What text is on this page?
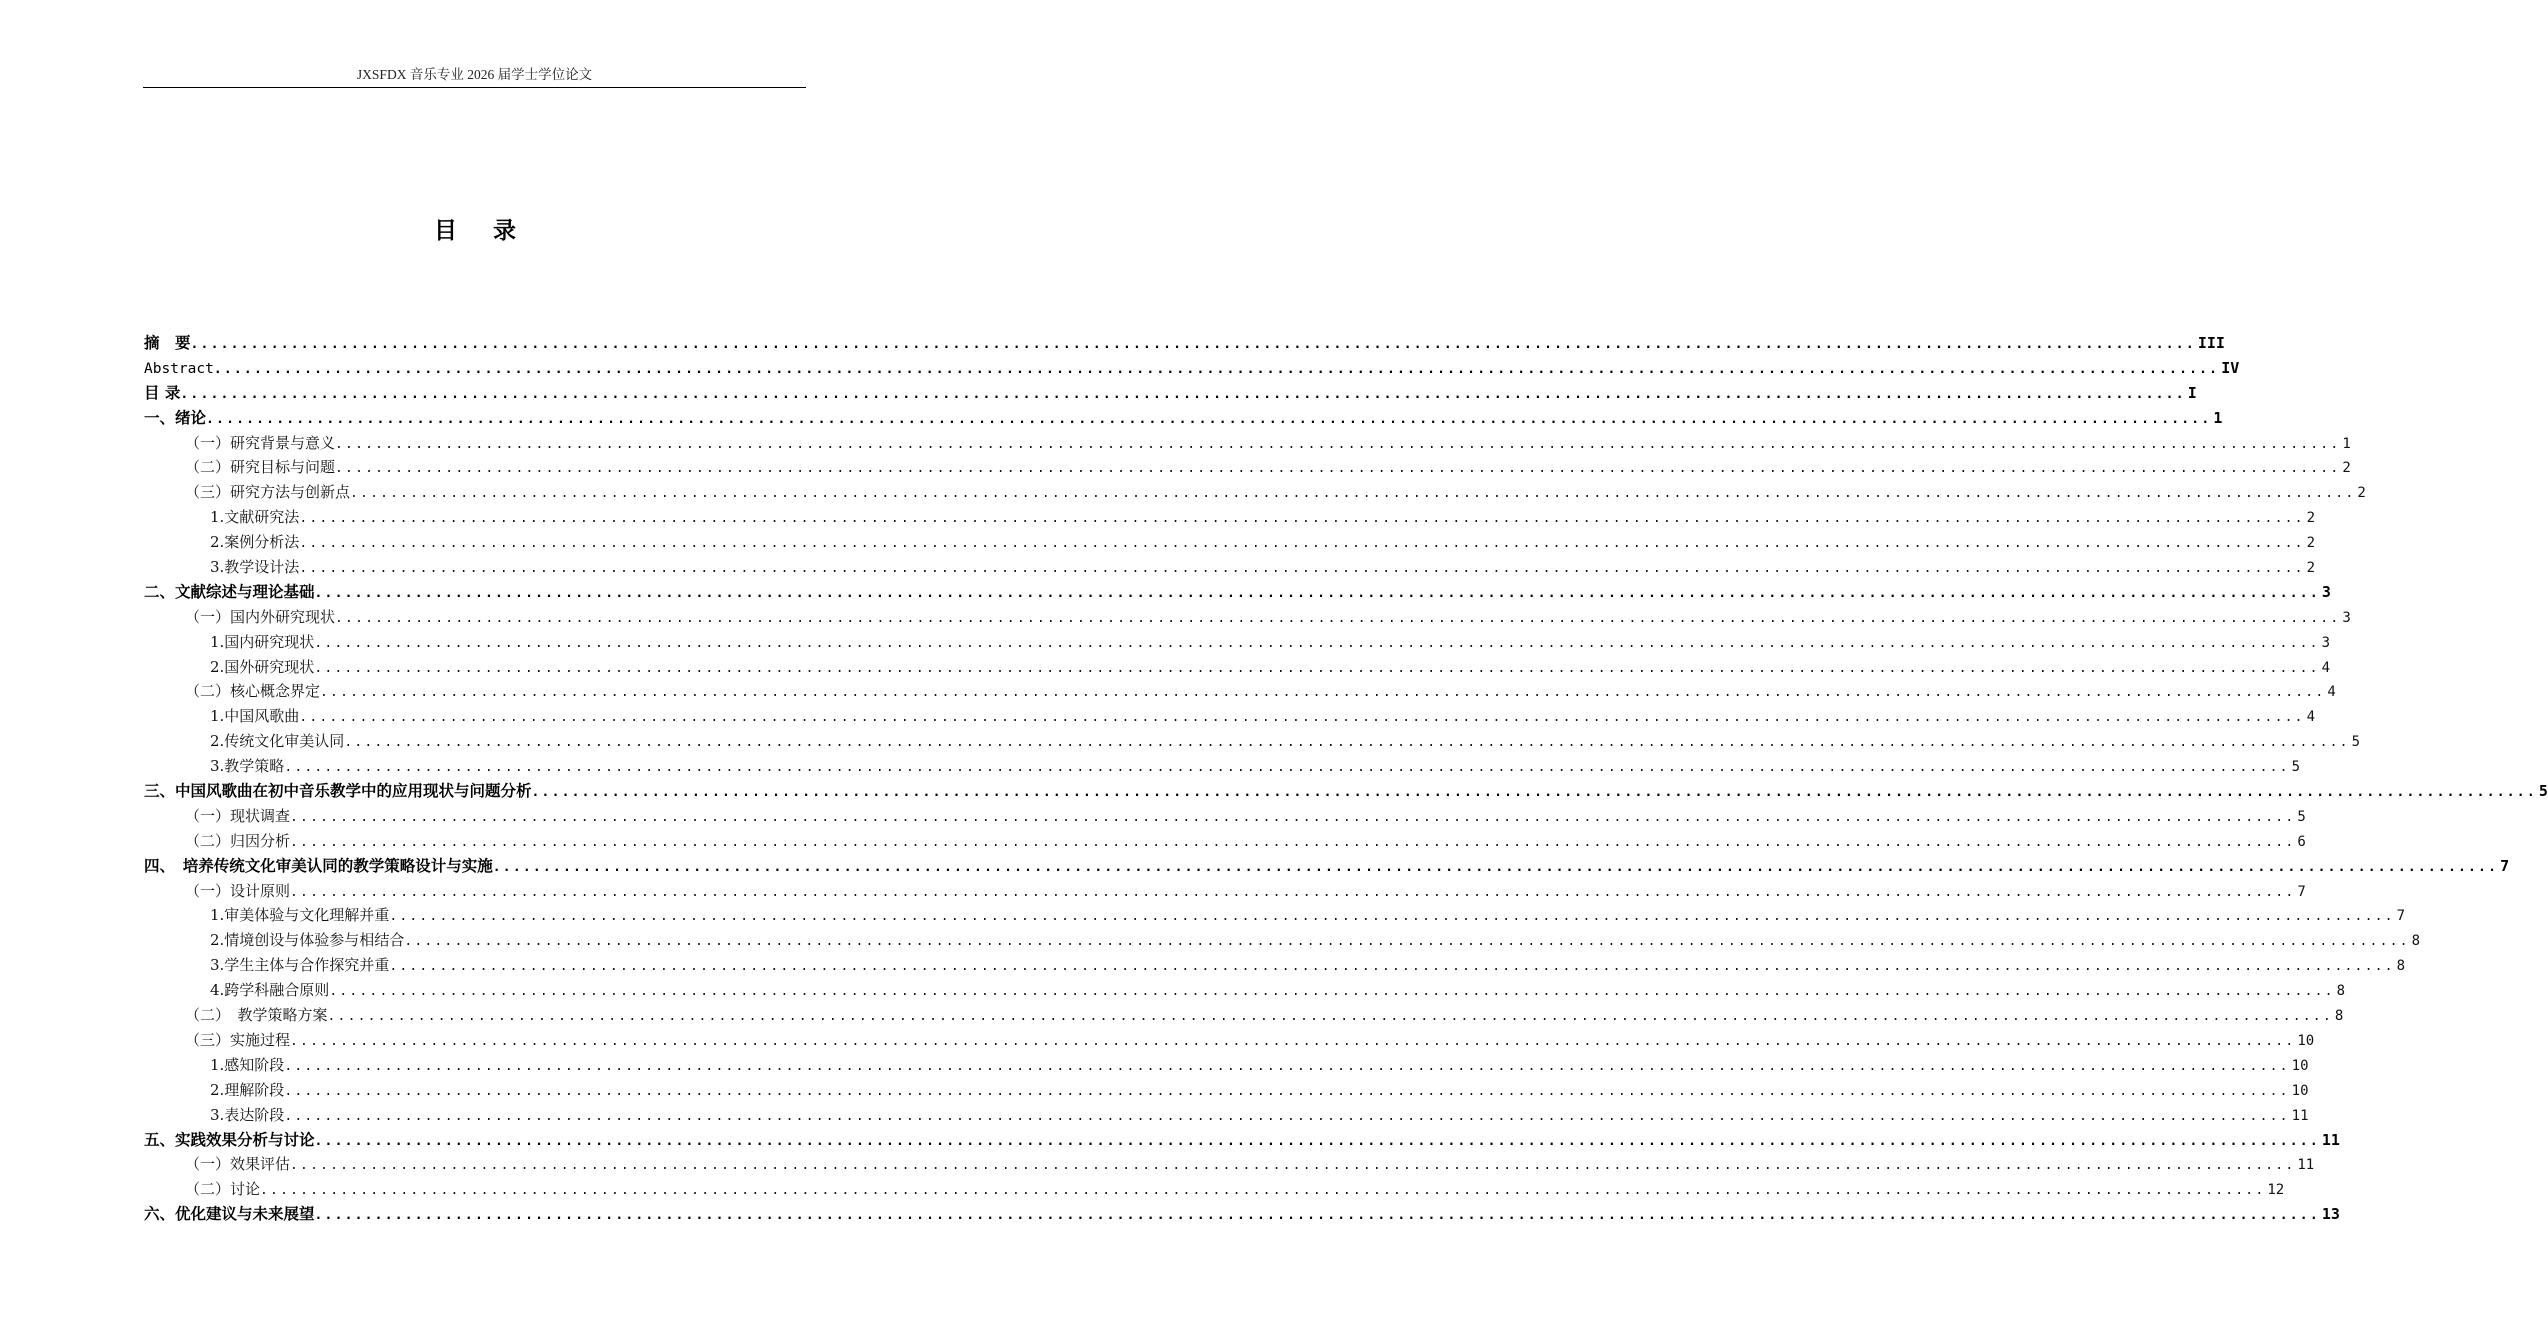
JXSFDX 音乐专业 2026 届学士学位论文
目 录
摘　要 ........................................................................................................................................................................................................ III
Abstract ........................................................................................................................................................................................................ IV
目 录 ........................................................................................................................................................................................................ I
一、绪论 ........................................................................................................................................................................................................ 1
（一）研究背景与意义 ........................................................................................................................................................................................................ 1
（二）研究目标与问题 ........................................................................................................................................................................................................ 2
（三）研究方法与创新点 ........................................................................................................................................................................................................ 2
1.文献研究法 ........................................................................................................................................................................................................ 2
2.案例分析法 ........................................................................................................................................................................................................ 2
3.教学设计法 ........................................................................................................................................................................................................ 2
二、文献综述与理论基础 ........................................................................................................................................................................................................ 3
（一）国内外研究现状 ........................................................................................................................................................................................................ 3
1.国内研究现状 ........................................................................................................................................................................................................ 3
2.国外研究现状 ........................................................................................................................................................................................................ 4
（二）核心概念界定 ........................................................................................................................................................................................................ 4
1.中国风歌曲 ........................................................................................................................................................................................................ 4
2.传统文化审美认同 ........................................................................................................................................................................................................ 5
3.教学策略 ........................................................................................................................................................................................................ 5
三、中国风歌曲在初中音乐教学中的应用现状与问题分析 ........................................................................................................................................................................................................ 5
（一）现状调查 ........................................................................................................................................................................................................ 5
（二）归因分析 ........................................................................................................................................................................................................ 6
四、　培养传统文化审美认同的教学策略设计与实施 ........................................................................................................................................................................................................ 7
（一）设计原则 ........................................................................................................................................................................................................ 7
1.审美体验与文化理解并重 ........................................................................................................................................................................................................ 7
2.情境创设与体验参与相结合 ........................................................................................................................................................................................................ 8
3.学生主体与合作探究并重 ........................................................................................................................................................................................................ 8
4.跨学科融合原则 ........................................................................................................................................................................................................ 8
（二）　教学策略方案 ........................................................................................................................................................................................................ 8
（三）实施过程 ........................................................................................................................................................................................................ 10
1.感知阶段 ........................................................................................................................................................................................................ 10
2.理解阶段 ........................................................................................................................................................................................................ 10
3.表达阶段 ........................................................................................................................................................................................................ 11
五、实践效果分析与讨论 ........................................................................................................................................................................................................ 11
（一）效果评估 ........................................................................................................................................................................................................ 11
（二）讨论 ........................................................................................................................................................................................................ 12
六、优化建议与未来展望 ........................................................................................................................................................................................................ 13
